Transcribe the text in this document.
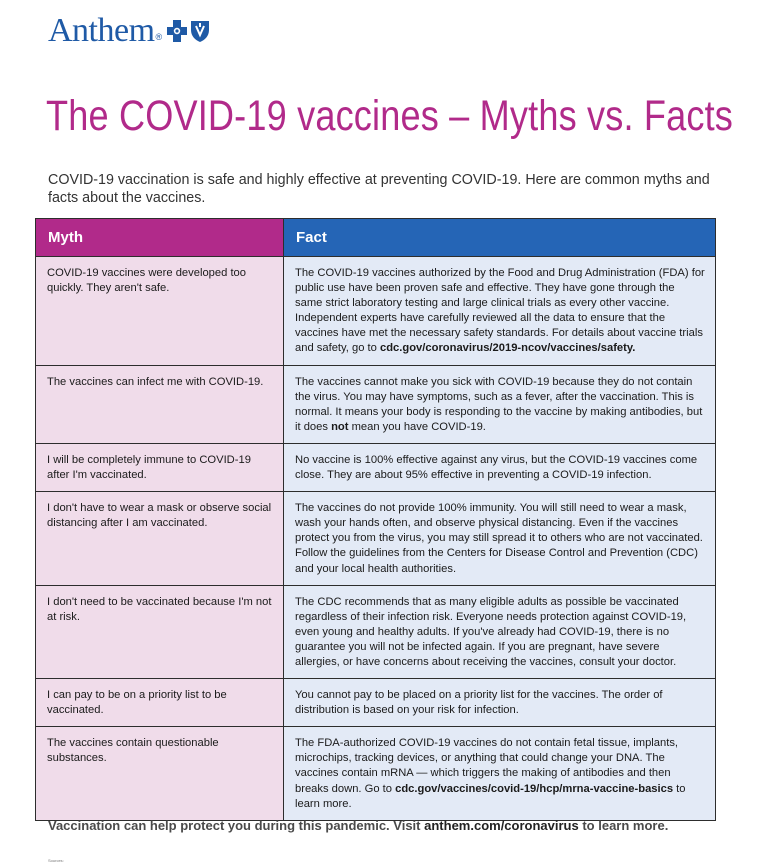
Anthem ®
The COVID-19 vaccines – Myths vs. Facts

COVID-19 vaccination is safe and highly effective at preventing COVID-19. Here are common myths and facts about the vaccines.

Myth	Fact
COVID-19 vaccines were developed too quickly. They aren't safe.	The COVID-19 vaccines authorized by the Food and Drug Administration (FDA) for public use have been proven safe and effective. They have gone through the same strict laboratory testing and large clinical trials as every other vaccine. Independent experts have carefully reviewed all the data to ensure that the vaccines have met the necessary safety standards. For details about vaccine trials and safety, go to cdc.gov/coronavirus/2019-ncov/vaccines/safety.
The vaccines can infect me with COVID-19.	The vaccines cannot make you sick with COVID-19 because they do not contain the virus. You may have symptoms, such as a fever, after the vaccination. This is normal. It means your body is responding to the vaccine by making antibodies, but it does not mean you have COVID-19.
I will be completely immune to COVID-19 after I'm vaccinated.	No vaccine is 100% effective against any virus, but the COVID-19 vaccines come close. They are about 95% effective in preventing a COVID-19 infection.
I don't have to wear a mask or observe social distancing after I am vaccinated.	The vaccines do not provide 100% immunity. You will still need to wear a mask, wash your hands often, and observe physical distancing. Even if the vaccines protect you from the virus, you may still spread it to others who are not vaccinated. Follow the guidelines from the Centers for Disease Control and Prevention (CDC) and your local health authorities.
I don't need to be vaccinated because I'm not at risk.	The CDC recommends that as many eligible adults as possible be vaccinated regardless of their infection risk. Everyone needs protection against COVID-19, even young and healthy adults. If you've already had COVID-19, there is no guarantee you will not be infected again. If you are pregnant, have severe allergies, or have concerns about receiving the vaccines, consult your doctor.
I can pay to be on a priority list to be vaccinated.	You cannot pay to be placed on a priority list for the vaccines. The order of distribution is based on your risk for infection.
The vaccines contain questionable substances.	The FDA-authorized COVID-19 vaccines do not contain fetal tissue, implants, microchips, tracking devices, or anything that could change your DNA. The vaccines contain mRNA — which triggers the making of antibodies and then breaks down. Go to cdc.gov/vaccines/covid-19/hcp/mrna-vaccine-basics to learn more.

Vaccination can help protect you during this pandemic. Visit anthem.com/coronavirus to learn more.

Sources:
